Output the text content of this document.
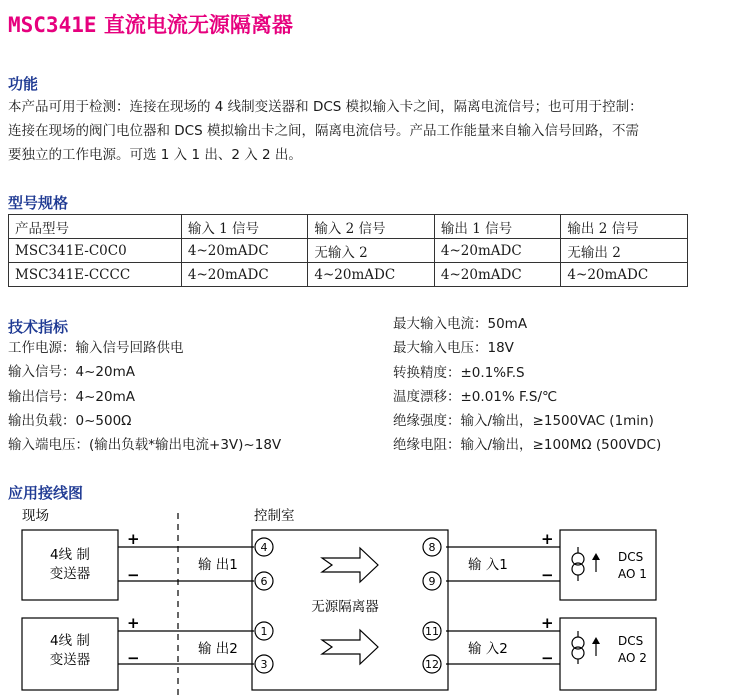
MSC341E 直流电流无源隔离器
功能
本产品可用于检测：连接在现场的 4 线制变送器和 DCS 模拟输入卡之间，隔离电流信号；也可用于控制：
连接在现场的阀门电位器和 DCS 模拟输出卡之间，隔离电流信号。产品工作能量来自输入信号回路，不需
要独立的工作电源。可选 1 入 1 出、2 入 2 出。
型号规格
产品型号	输入 1 信号	输入 2 信号	输出 1 信号	输出 2 信号
MSC341E-C0C0	4~20mADC	无输入 2	4~20mADC	无输出 2
MSC341E-CCCC	4~20mADC	4~20mADC	4~20mADC	4~20mADC
技术指标
工作电源：输入信号回路供电
输入信号：4~20mA
输出信号：4~20mA
输出负载：0~500Ω
输入端电压：(输出负载*输出电流+3V)~18V
最大输入电流：50mA
最大输入电压：18V
转换精度：±0.1%F.S
温度漂移：±0.01% F.S/℃
绝缘强度：输入/输出，≥1500VAC (1min)
绝缘电阻：输入/输出，≥100MΩ (500VDC)
应用接线图
4
6
1
3
8
9
11
12
现场	控制室
4线 制
变送器
4线 制
变送器
无源隔离器
输 出1
输 出2
输 入1
输 入2
+
−
+
−
+
−
+
−
DCS
AO 1
DCS
AO 2
